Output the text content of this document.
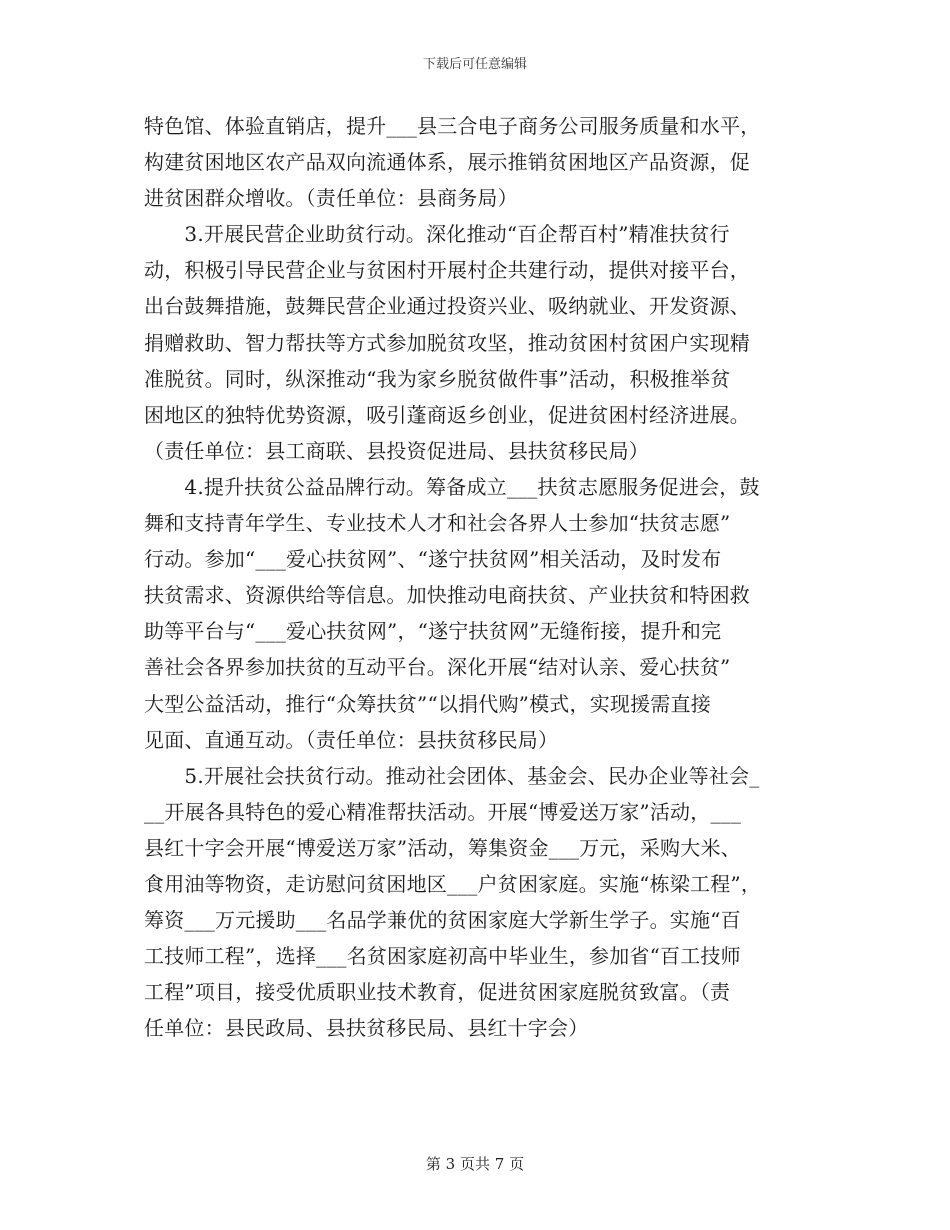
下载后可任意编辑
特色馆、体验直销店，提升___县三合电子商务公司服务质量和水平，
构建贫困地区农产品双向流通体系，展示推销贫困地区产品资源，促
进贫困群众增收。（责任单位：县商务局）
　　3.开展民营企业助贫行动。深化推动“百企帮百村”精准扶贫行
动，积极引导民营企业与贫困村开展村企共建行动，提供对接平台，
出台鼓舞措施，鼓舞民营企业通过投资兴业、吸纳就业、开发资源、
捐赠救助、智力帮扶等方式参加脱贫攻坚，推动贫困村贫困户实现精
准脱贫。同时，纵深推动“我为家乡脱贫做件事”活动，积极推举贫
困地区的独特优势资源，吸引蓬商返乡创业，促进贫困村经济进展。
（责任单位：县工商联、县投资促进局、县扶贫移民局）
　　4.提升扶贫公益品牌行动。筹备成立___扶贫志愿服务促进会，鼓
舞和支持青年学生、专业技术人才和社会各界人士参加“扶贫志愿”
行动。参加“___爱心扶贫网”、“遂宁扶贫网”相关活动，及时发布
扶贫需求、资源供给等信息。加快推动电商扶贫、产业扶贫和特困救
助等平台与“___爱心扶贫网”，“遂宁扶贫网”无缝衔接，提升和完
善社会各界参加扶贫的互动平台。深化开展“结对认亲、爱心扶贫”
大型公益活动，推行“众筹扶贫”“以捐代购”模式，实现援需直接
见面、直通互动。（责任单位：县扶贫移民局）
　　5.开展社会扶贫行动。推动社会团体、基金会、民办企业等社会_
__开展各具特色的爱心精准帮扶活动。开展“博爱送万家”活动，___
县红十字会开展“博爱送万家”活动，筹集资金___万元，采购大米、
食用油等物资，走访慰问贫困地区___户贫困家庭。实施“栋梁工程”，
筹资___万元援助___名品学兼优的贫困家庭大学新生学子。实施“百
工技师工程”，选择___名贫困家庭初高中毕业生，参加省“百工技师
工程”项目，接受优质职业技术教育，促进贫困家庭脱贫致富。（责
任单位：县民政局、县扶贫移民局、县红十字会）
第 3 页共 7 页
